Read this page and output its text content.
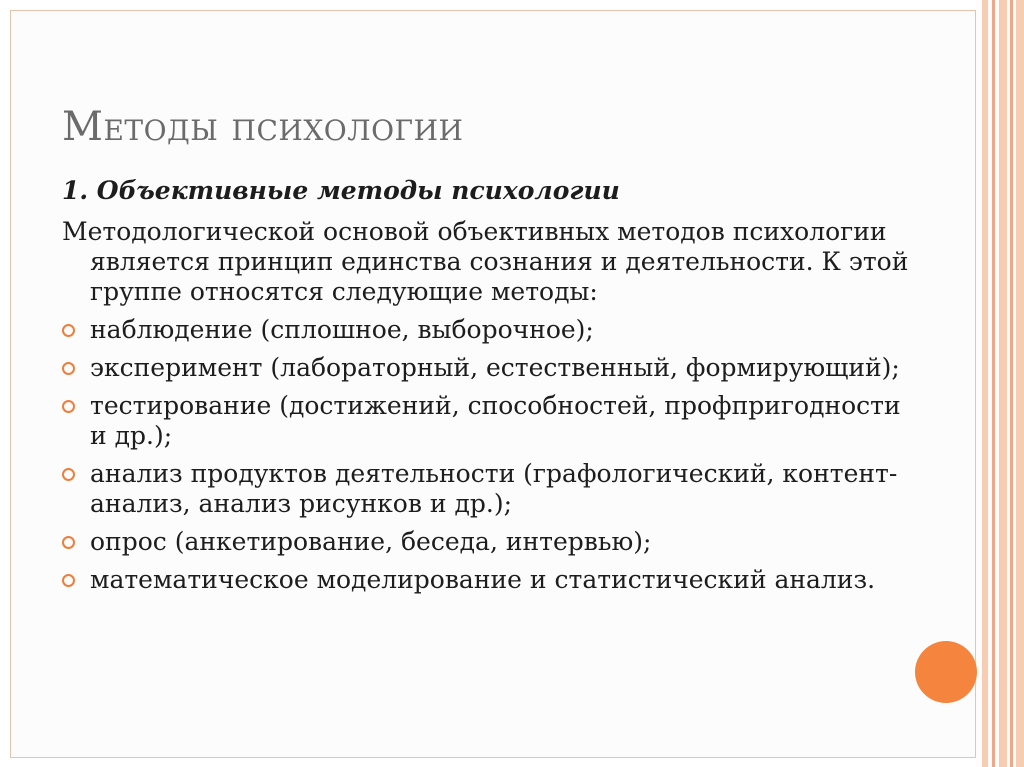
Методы психологии
1. Объективные методы психологии
Методологической основой объективных методов психологии является принцип единства сознания и деятельности. К этой группе относятся следующие методы:
наблюдение (сплошное, выборочное);
эксперимент (лабораторный, естественный, формирующий);
тестирование (достижений, способностей, профпригодности и др.);
анализ продуктов деятельности (графологический, контент-анализ, анализ рисунков и др.);
опрос (анкетирование, беседа, интервью);
математическое моделирование и статистический анализ.
